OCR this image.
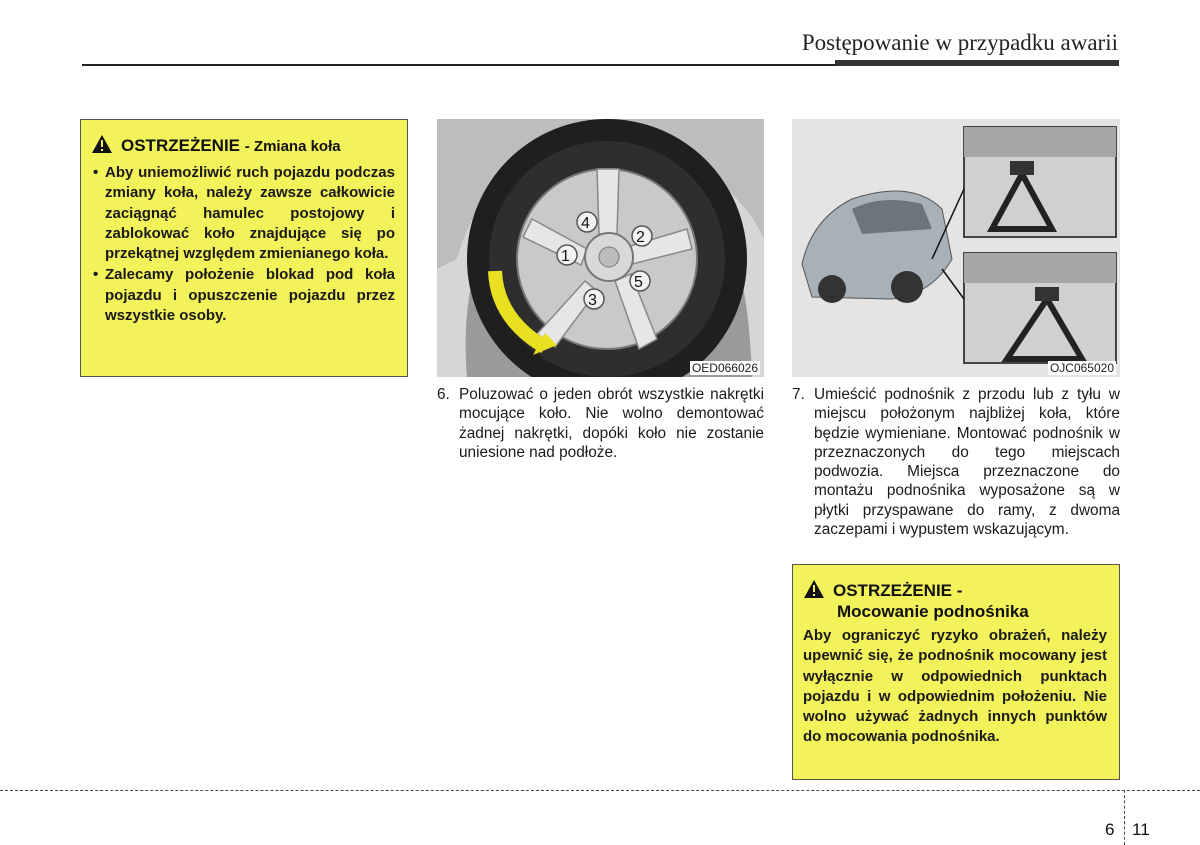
Postępowanie w przypadku awarii
OSTRZEŻENIE - Zmiana koła
• Aby uniemożliwić ruch pojazdu podczas zmiany koła, należy zawsze całkowicie zaciągnąć hamulec postojowy i zablokować koło znajdujące się po przekątnej względem zmienianego koła.
• Zalecamy położenie blokad pod koła pojazdu i opuszczenie pojazdu przez wszystkie osoby.
4
2
1
5
3
OED066026	OJC065020
6. Poluzować o jeden obrót wszystkie nakrętki mocujące koło. Nie wolno demontować żadnej nakrętki, dopóki koło nie zostanie uniesione nad podłoże.
7. Umieścić podnośnik z przodu lub z tyłu w miejscu położonym najbliżej koła, które będzie wymieniane. Montować podnośnik w przeznaczonych do tego miejscach podwozia. Miejsca przeznaczone do montażu podnośnika wyposażone są w płytki przyspawane do ramy, z dwoma zaczepami i wypustem wskazującym.
OSTRZEŻENIE -
Mocowanie podnośnika
Aby ograniczyć ryzyko obrażeń, należy upewnić się, że podnośnik mocowany jest wyłącznie w odpowiednich punktach pojazdu i w odpowiednim położeniu. Nie wolno używać żadnych innych punktów do mocowania podnośnika.
6 11
